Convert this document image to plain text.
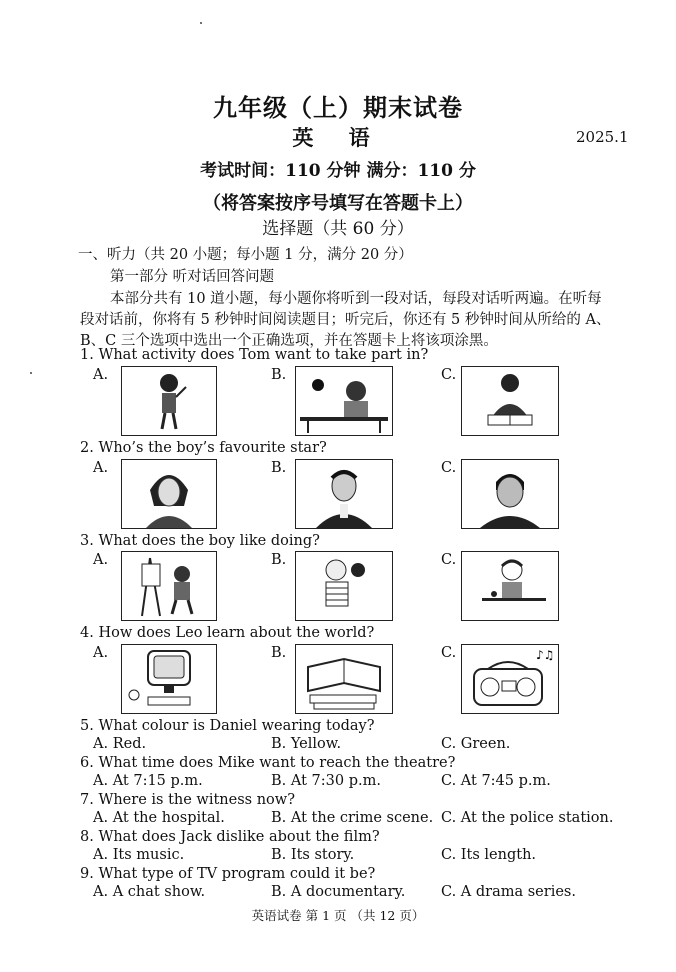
九年级（上）期末试卷
英 语	2025.1
考试时间：110 分钟 满分：110 分
（将答案按序号填写在答题卡上）
选择题（共 60 分）
一、听力（共 20 小题；每小题 1 分，满分 20 分）
第一部分 听对话回答问题
本部分共有 10 道小题，每小题你将听到一段对话，每段对话听两遍。在听每
段对话前，你将有 5 秒钟时间阅读题目；听完后，你还有 5 秒钟时间从所给的 A、
B、C 三个选项中选出一个正确选项，并在答题卡上将该项涂黑。
1. What activity does Tom want to take part in?
A.	B.	C.
2. Who’s the boy’s favourite star?
A.	B.	C.
3. What does the boy like doing?
A.	B.	C.
4. How does Leo learn about the world?
A.	B.	C.	♪♫
5. What colour is Daniel wearing today?
A. Red.	B. Yellow.	C. Green.
6. What time does Mike want to reach the theatre?
A. At 7:15 p.m.	B. At 7:30 p.m.	C. At 7:45 p.m.
7. Where is the witness now?
A. At the hospital.	B. At the crime scene. C. At the police station.
8. What does Jack dislike about the film?
A. Its music.	B. Its story.	C. Its length.
9. What type of TV program could it be?
A. A chat show.	B. A documentary. C. A drama series.
英语试卷 第 1 页 （共 12 页）
